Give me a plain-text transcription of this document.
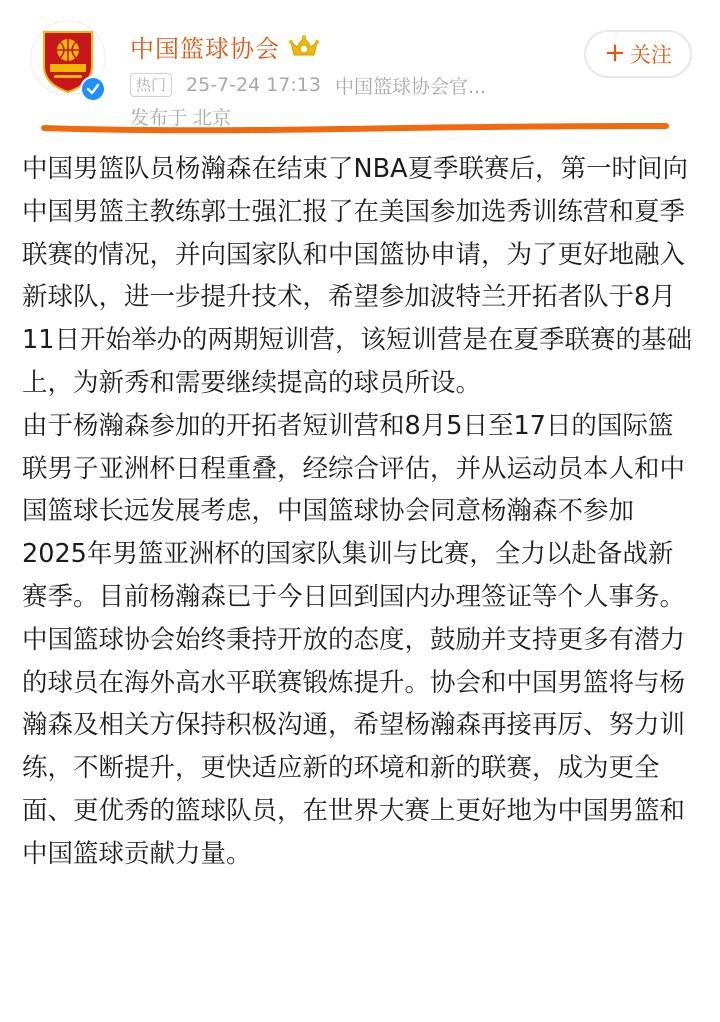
中国篮球协会
热门	25-7-24 17:13 中国篮球协会官...
发布于 北京
+ 关注

中国男篮队员杨瀚森在结束了NBA夏季联赛后，第一时间向中国男篮主教练郭士强汇报了在美国参加选秀训练营和夏季联赛的情况，并向国家队和中国篮协申请，为了更好地融入新球队，进一步提升技术，希望参加波特兰开拓者队于8月11日开始举办的两期短训营，该短训营是在夏季联赛的基础上，为新秀和需要继续提高的球员所设。

由于杨瀚森参加的开拓者短训营和8月5日至17日的国际篮联男子亚洲杯日程重叠，经综合评估，并从运动员本人和中国篮球长远发展考虑，中国篮球协会同意杨瀚森不参加2025年男篮亚洲杯的国家队集训与比赛，全力以赴备战新赛季。目前杨瀚森已于今日回到国内办理签证等个人事务。

中国篮球协会始终秉持开放的态度，鼓励并支持更多有潜力的球员在海外高水平联赛锻炼提升。协会和中国男篮将与杨瀚森及相关方保持积极沟通，希望杨瀚森再接再厉、努力训练，不断提升，更快适应新的环境和新的联赛，成为更全面、更优秀的篮球队员，在世界大赛上更好地为中国男篮和中国篮球贡献力量。
